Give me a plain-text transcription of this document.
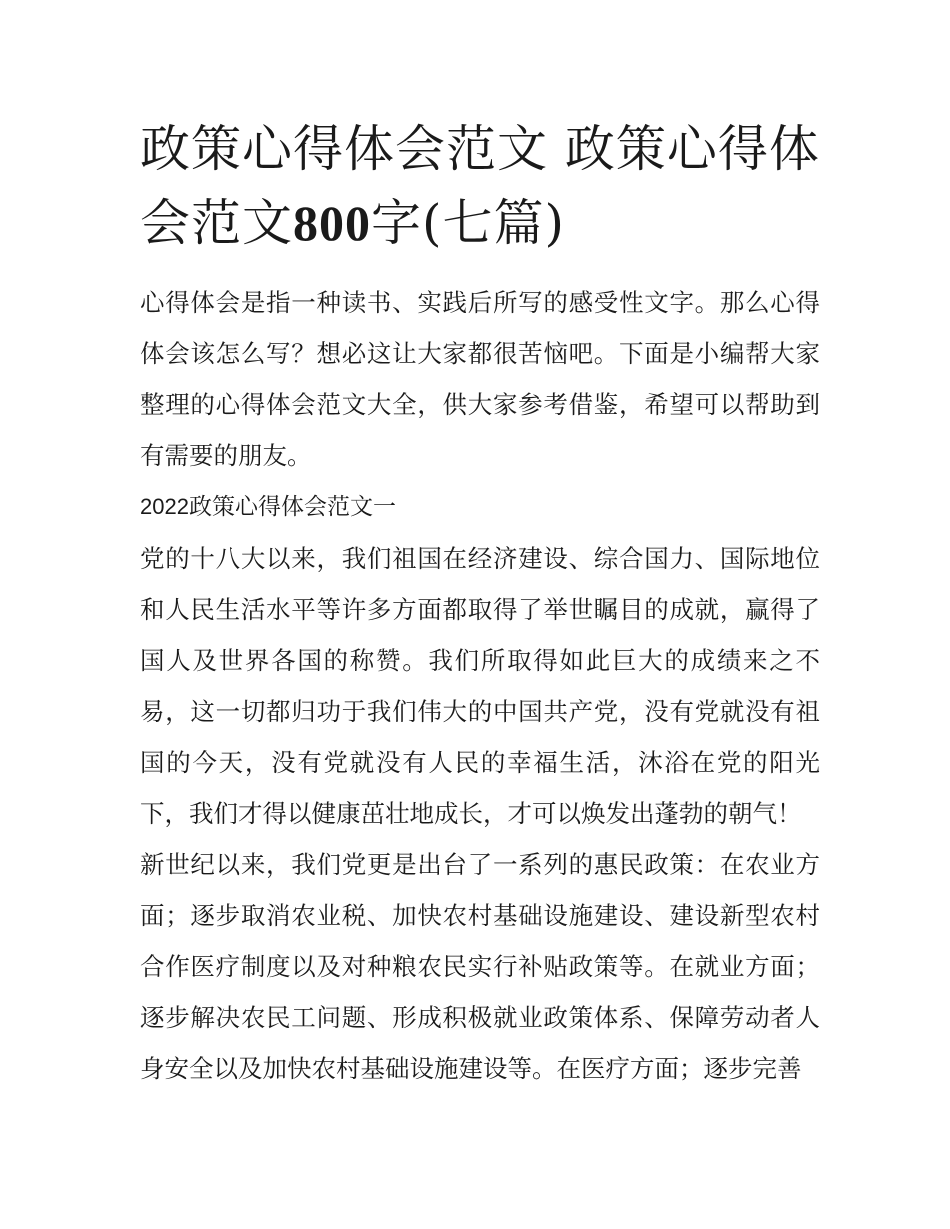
政策心得体会范文 政策心得体会范文800字(七篇)

心得体会是指一种读书、实践后所写的感受性文字。那么心得体会该怎么写？想必这让大家都很苦恼吧。下面是小编帮大家整理的心得体会范文大全，供大家参考借鉴，希望可以帮助到有需要的朋友。

2022政策心得体会范文一

党的十八大以来，我们祖国在经济建设、综合国力、国际地位和人民生活水平等许多方面都取得了举世瞩目的成就，赢得了国人及世界各国的称赞。我们所取得如此巨大的成绩来之不易，这一切都归功于我们伟大的中国共产党，没有党就没有祖国的今天，没有党就没有人民的幸福生活，沐浴在党的阳光下，我们才得以健康茁壮地成长，才可以焕发出蓬勃的朝气！

新世纪以来，我们党更是出台了一系列的惠民政策：在农业方面；逐步取消农业税、加快农村基础设施建设、建设新型农村合作医疗制度以及对种粮农民实行补贴政策等。在就业方面；逐步解决农民工问题、形成积极就业政策体系、保障劳动者人身安全以及加快农村基础设施建设等。在医疗方面；逐步完善
